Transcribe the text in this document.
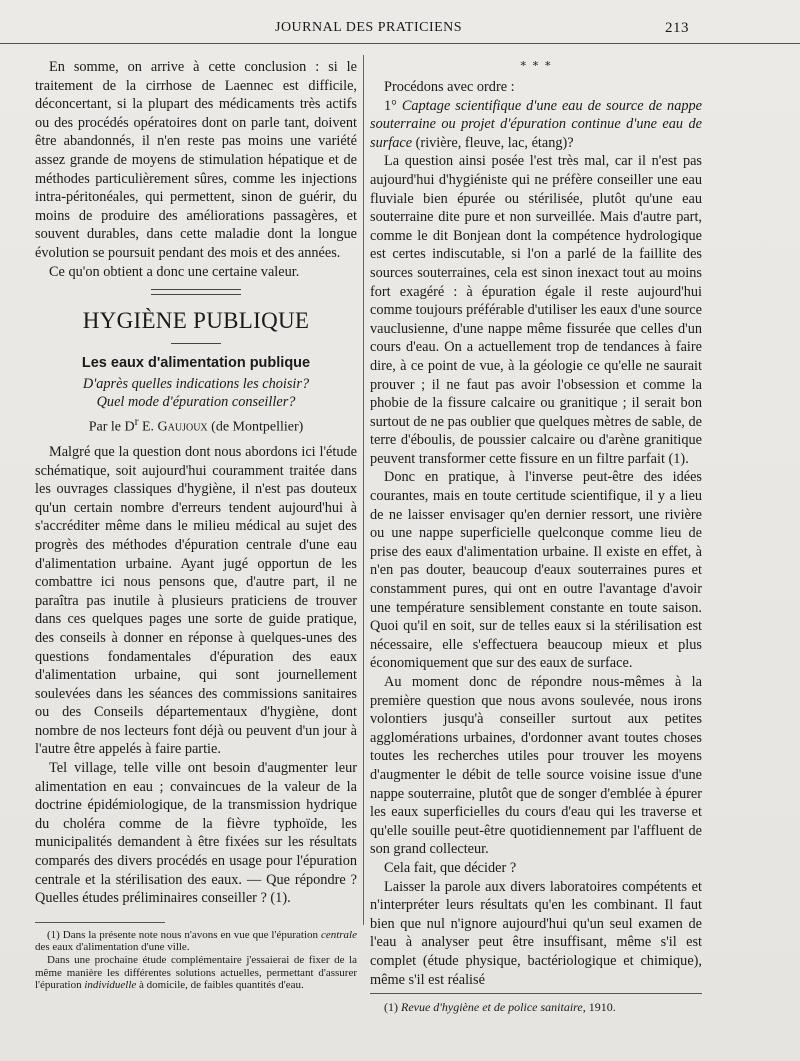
JOURNAL DES PRATICIENS	213

En somme, on arrive à cette conclusion : si le traitement de la cirrhose de Laennec est difficile, déconcertant, si la plupart des médicaments très actifs ou des procédés opératoires dont on parle tant, doivent être abandonnés, il n'en reste pas moins une variété assez grande de moyens de stimulation hépatique et de méthodes particulièrement sûres, comme les injections intra-péritonéales, qui permettent, sinon de guérir, du moins de produire des améliorations passagères, et souvent durables, dans cette maladie dont la longue évolution se poursuit pendant des mois et des années.

Ce qu'on obtient a donc une certaine valeur.

HYGIÈNE PUBLIQUE
Les eaux d'alimentation publique
D'après quelles indications les choisir?
Quel mode d'épuration conseiller?
Par le $D^r$ E. Gaujoux (de Montpellier)

Malgré que la question dont nous abordons ici l'étude schématique, soit aujourd'hui couramment traitée dans les ouvrages classiques d'hygiène, il n'est pas douteux qu'un certain nombre d'erreurs tendent aujourd'hui à s'accréditer même dans le milieu médical au sujet des progrès des méthodes d'épuration centrale d'une eau d'alimentation urbaine. Ayant jugé opportun de les combattre ici nous pensons que, d'autre part, il ne paraîtra pas inutile à plusieurs praticiens de trouver dans ces quelques pages une sorte de guide pratique, des conseils à donner en réponse à quelques-unes des questions fondamentales d'épuration des eaux d'alimentation urbaine, qui sont journellement soulevées dans les séances des commissions sanitaires ou des Conseils départementaux d'hygiène, dont nombre de nos lecteurs font déjà ou peuvent d'un jour à l'autre être appelés à faire partie.

Tel village, telle ville ont besoin d'augmenter leur alimentation en eau ; convaincues de la valeur de la doctrine épidémiologique, de la transmission hydrique du choléra comme de la fièvre typhoïde, les municipalités demandent à être fixées sur les résultats comparés des divers procédés en usage pour l'épuration centrale et la stérilisation des eaux. — Que répondre ? Quelles études préliminaires conseiller ? (1).

(1) Dans la présente note nous n'avons en vue que l'épuration centrale des eaux d'alimentation d'une ville.

Dans une prochaine étude complémentaire j'essaierai de fixer de la même manière les différentes solutions actuelles, permettant d'assurer l'épuration individuelle à domicile, de faibles quantités d'eau.

∗ ∗ ∗

Procédons avec ordre :

1° Captage scientifique d'une eau de source de nappe souterraine ou projet d'épuration continue d'une eau de surface (rivière, fleuve, lac, étang)?

La question ainsi posée l'est très mal, car il n'est pas aujourd'hui d'hygiéniste qui ne préfère conseiller une eau fluviale bien épurée ou stérilisée, plutôt qu'une eau souterraine dite pure et non surveillée. Mais d'autre part, comme le dit Bonjean dont la compétence hydrologique est certes indiscutable, si l'on a parlé de la faillite des sources souterraines, cela est sinon inexact tout au moins fort exagéré : à épuration égale il reste aujourd'hui comme toujours préférable d'utiliser les eaux d'une source vauclusienne, d'une nappe même fissurée que celles d'un cours d'eau. On a actuellement trop de tendances à faire dire, à ce point de vue, à la géologie ce qu'elle ne saurait prouver ; il ne faut pas avoir l'obsession et comme la phobie de la fissure calcaire ou granitique ; il serait bon surtout de ne pas oublier que quelques mètres de sable, de terre d'éboulis, de poussier calcaire ou d'arène granitique peuvent transformer cette fissure en un filtre parfait (1).

Donc en pratique, à l'inverse peut-être des idées courantes, mais en toute certitude scientifique, il y a lieu de ne laisser envisager qu'en dernier ressort, une rivière ou une nappe superficielle quelconque comme lieu de prise des eaux d'alimentation urbaine. Il existe en effet, à n'en pas douter, beaucoup d'eaux souterraines pures et constamment pures, qui ont en outre l'avantage d'avoir une température sensiblement constante en toute saison. Quoi qu'il en soit, sur de telles eaux si la stérilisation est nécessaire, elle s'effectuera beaucoup mieux et plus économiquement que sur des eaux de surface.

Au moment donc de répondre nous-mêmes à la première question que nous avons soulevée, nous irons volontiers jusqu'à conseiller surtout aux petites agglomérations urbaines, d'ordonner avant toutes choses toutes les recherches utiles pour trouver les moyens d'augmenter le débit de telle source voisine issue d'une nappe souterraine, plutôt que de songer d'emblée à épurer les eaux superficielles du cours d'eau qui les traverse et qu'elle souille peut-être quotidiennement par l'affluent de son grand collecteur.

Cela fait, que décider ?

Laisser la parole aux divers laboratoires compétents et n'interpréter leurs résultats qu'en les combinant. Il faut bien que nul n'ignore aujourd'hui qu'un seul examen de l'eau à analyser peut être insuffisant, même s'il est complet (étude physique, bactériologique et chimique), même s'il est réalisé

(1) Revue d'hygiène et de police sanitaire, 1910.
